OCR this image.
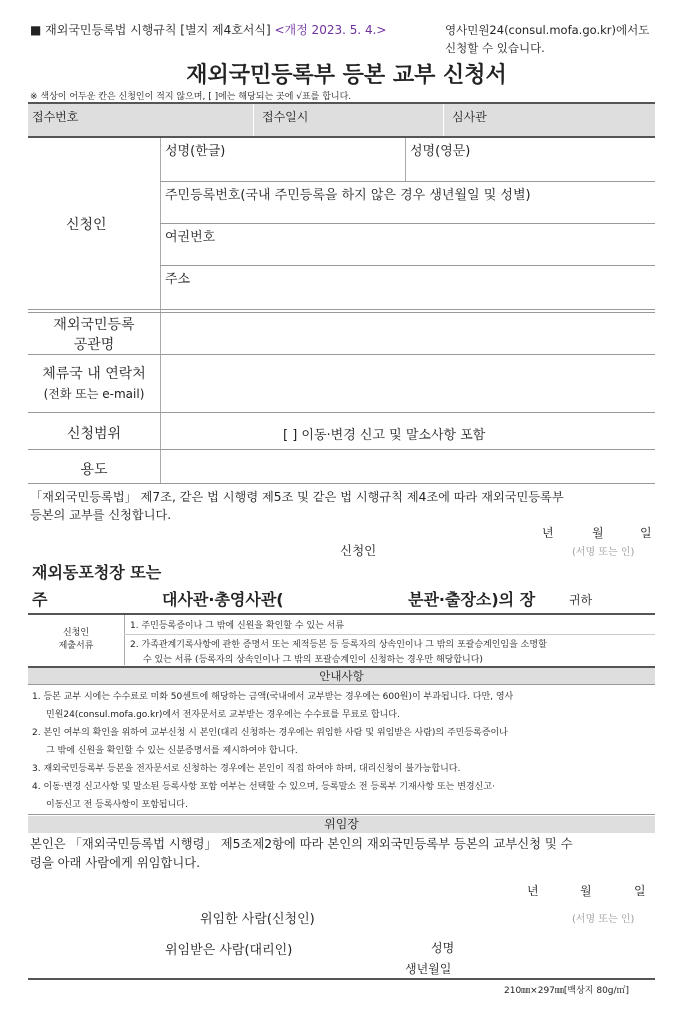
■ 재외국민등록법 시행규칙 [별지 제4호서식] <개정 2023. 5. 4.>	영사민원24(consul.mofa.go.kr)에서도
신청할 수 있습니다.
재외국민등록부 등본 교부 신청서
※ 색상이 어두운 칸은 신청인이 적지 않으며, [ ]에는 해당되는 곳에 √표를 합니다.
접수번호	접수일시	심사관
신청인
성명(한글)	성명(영문)
주민등록번호(국내 주민등록을 하지 않은 경우 생년월일 및 성별)
여권번호
주소
재외국민등록
공관명
체류국 내 연락처
(전화 또는 e-mail)
신청범위	[ ] 이동·변경 신고 및 말소사항 포함
용도
「재외국민등록법」 제7조, 같은 법 시행령 제5조 및 같은 법 시행규칙 제4조에 따라 재외국민등록부
등본의 교부를 신청합니다.
년	월	일
신청인	(서명 또는 인)
재외동포청장 또는
주	대사관·총영사관(	분관·출장소)의 장	귀하
신청인
제출서류
1. 주민등록증이나 그 밖에 신원을 확인할 수 있는 서류
2. 가족관계기록사항에 관한 증명서 또는 제적등본 등 등록자의 상속인이나 그 밖의 포괄승계인임을 소명할
수 있는 서류 (등록자의 상속인이나 그 밖의 포괄승계인이 신청하는 경우만 해당합니다)
안내사항
1. 등본 교부 시에는 수수료로 미화 50센트에 해당하는 금액(국내에서 교부받는 경우에는 600원)이 부과됩니다. 다만, 영사
민원24(consul.mofa.go.kr)에서 전자문서로 교부받는 경우에는 수수료를 무료로 합니다.
2. 본인 여부의 확인을 위하여 교부신청 시 본인(대리 신청하는 경우에는 위임한 사람 및 위임받은 사람)의 주민등록증이나
그 밖에 신원을 확인할 수 있는 신분증명서를 제시하여야 합니다.
3. 재외국민등록부 등본을 전자문서로 신청하는 경우에는 본인이 직접 하여야 하며, 대리신청이 불가능합니다.
4. 이동·변경 신고사항 및 말소된 등록사항 포함 여부는 선택할 수 있으며, 등록말소 전 등록부 기재사항 또는 변경신고·
이동신고 전 등록사항이 포함됩니다.
위임장
본인은 「재외국민등록법 시행령」 제5조제2항에 따라 본인의 재외국민등록부 등본의 교부신청 및 수
령을 아래 사람에게 위임합니다.
년	월	일
위임한 사람(신청인)	(서명 또는 인)
위임받은 사람(대리인)	성명
생년월일
210㎜×297㎜[백상지 80g/㎡]
